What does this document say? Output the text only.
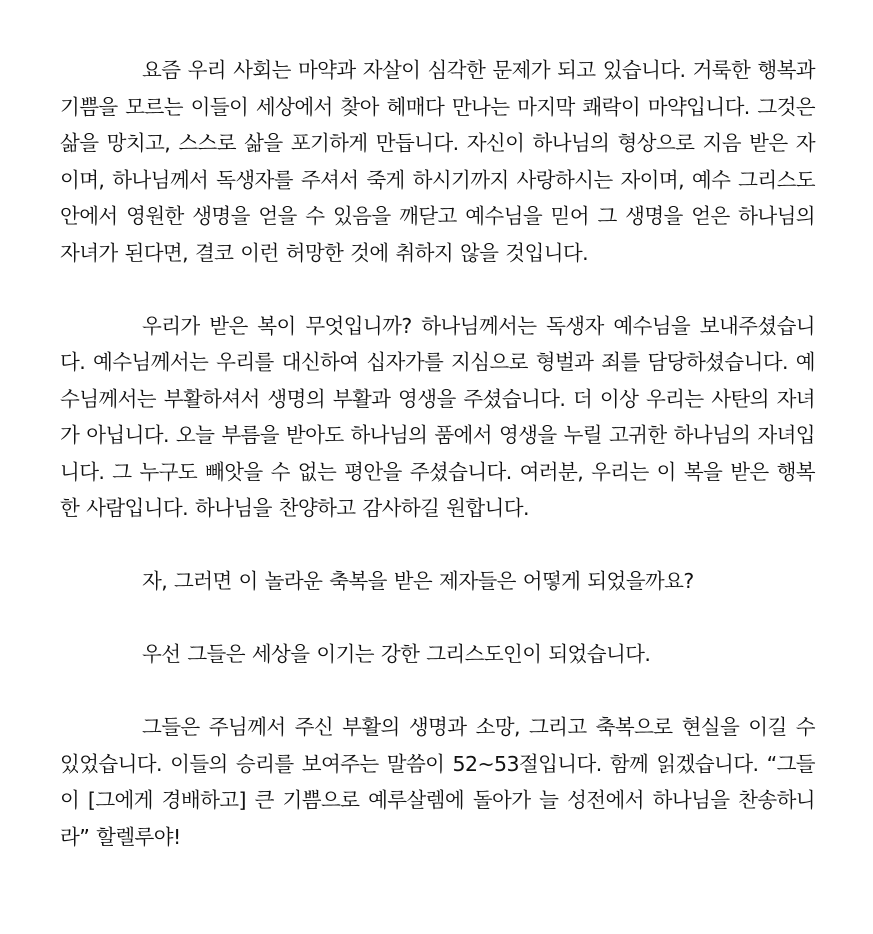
요즘 우리 사회는 마약과 자살이 심각한 문제가 되고 있습니다. 거룩한 행복과 기쁨을 모르는 이들이 세상에서 찾아 헤매다 만나는 마지막 쾌락이 마약입니다. 그것은 삶을 망치고, 스스로 삶을 포기하게 만듭니다. 자신이 하나님의 형상으로 지음 받은 자이며, 하나님께서 독생자를 주셔서 죽게 하시기까지 사랑하시는 자이며, 예수 그리스도 안에서 영원한 생명을 얻을 수 있음을 깨닫고 예수님을 믿어 그 생명을 얻은 하나님의 자녀가 된다면, 결코 이런 허망한 것에 취하지 않을 것입니다.

우리가 받은 복이 무엇입니까? 하나님께서는 독생자 예수님을 보내주셨습니다. 예수님께서는 우리를 대신하여 십자가를 지심으로 형벌과 죄를 담당하셨습니다. 예수님께서는 부활하셔서 생명의 부활과 영생을 주셨습니다. 더 이상 우리는 사탄의 자녀가 아닙니다. 오늘 부름을 받아도 하나님의 품에서 영생을 누릴 고귀한 하나님의 자녀입니다. 그 누구도 빼앗을 수 없는 평안을 주셨습니다. 여러분, 우리는 이 복을 받은 행복한 사람입니다. 하나님을 찬양하고 감사하길 원합니다.

자, 그러면 이 놀라운 축복을 받은 제자들은 어떻게 되었을까요?

우선 그들은 세상을 이기는 강한 그리스도인이 되었습니다.

그들은 주님께서 주신 부활의 생명과 소망, 그리고 축복으로 현실을 이길 수 있었습니다. 이들의 승리를 보여주는 말씀이 52~53절입니다. 함께 읽겠습니다. “그들이 [그에게 경배하고] 큰 기쁨으로 예루살렘에 돌아가 늘 성전에서 하나님을 찬송하니라” 할렐루야!
